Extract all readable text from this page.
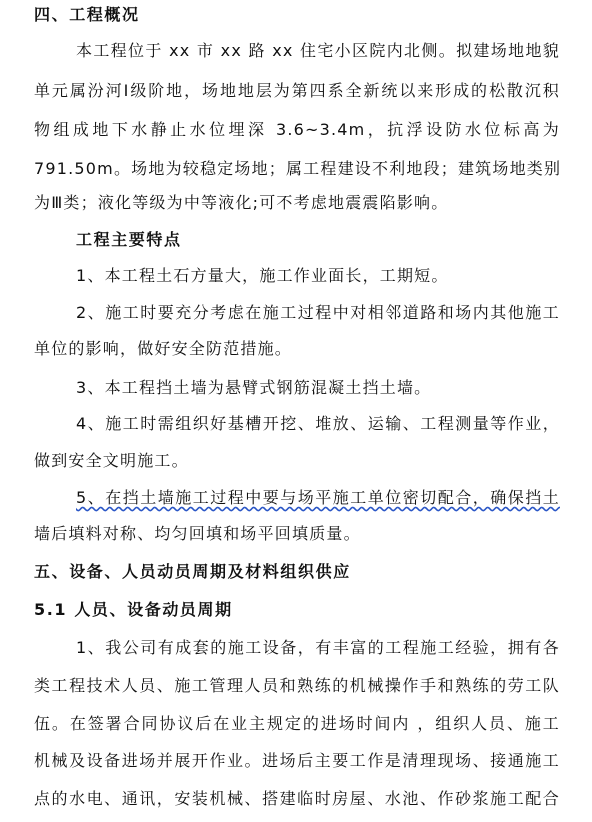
四、工程概况
本工程位于 xx 市 xx 路 xx 住宅小区院内北侧。拟建场地地貌
单元属汾河Ⅰ级阶地，场地地层为第四系全新统以来形成的松散沉积
物组成地下水静止水位埋深 3.6~3.4m，抗浮设防水位标高为
791.50m。场地为较稳定场地；属工程建设不利地段；建筑场地类别
为Ⅲ类；液化等级为中等液化;可不考虑地震震陷影响。
工程主要特点
1、本工程土石方量大，施工作业面长，工期短。
2、施工时要充分考虑在施工过程中对相邻道路和场内其他施工
单位的影响，做好安全防范措施。
3、本工程挡土墙为悬臂式钢筋混凝土挡土墙。
4、施工时需组织好基槽开挖、堆放、运输、工程测量等作业，
做到安全文明施工。
5、在挡土墙施工过程中要与场平施工单位密切配合，确保挡土
墙后填料对称、均匀回填和场平回填质量。
五、设备、人员动员周期及材料组织供应
5.1 人员、设备动员周期
1、我公司有成套的施工设备，有丰富的工程施工经验，拥有各
类工程技术人员、施工管理人员和熟练的机械操作手和熟练的劳工队
伍。在签署合同协议后在业主规定的进场时间内 ，组织人员、施工
机械及设备进场并展开作业。进场后主要工作是清理现场、接通施工
点的水电、通讯，安装机械、搭建临时房屋、水池、作砂浆施工配合
